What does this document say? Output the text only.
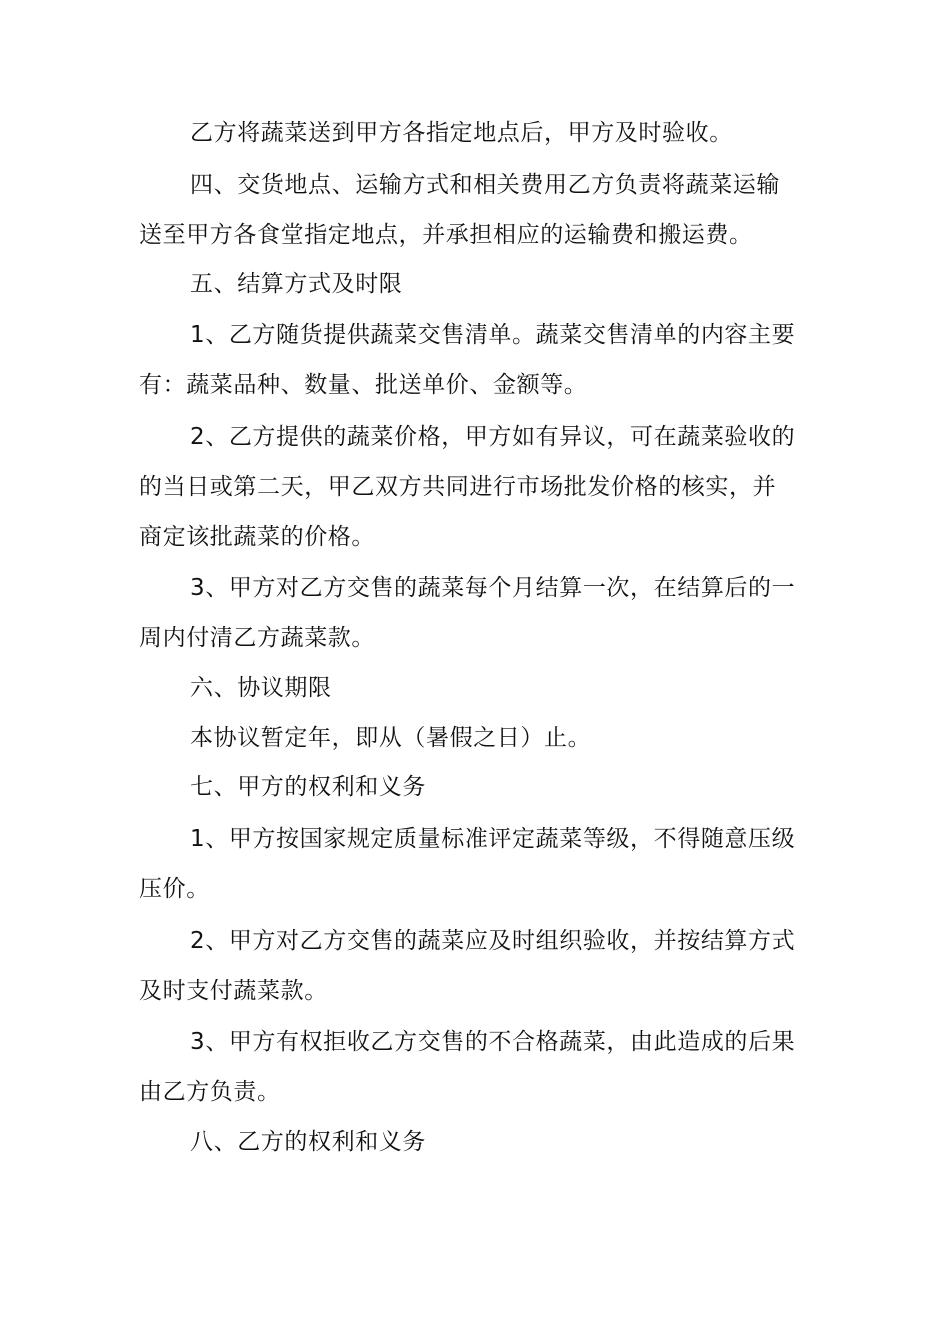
乙方将蔬菜送到甲方各指定地点后，甲方及时验收。
四、交货地点、运输方式和相关费用乙方负责将蔬菜运输
送至甲方各食堂指定地点，并承担相应的运输费和搬运费。
五、结算方式及时限
1、乙方随货提供蔬菜交售清单。蔬菜交售清单的内容主要
有：蔬菜品种、数量、批送单价、金额等。
2、乙方提供的蔬菜价格，甲方如有异议，可在蔬菜验收的
的当日或第二天，甲乙双方共同进行市场批发价格的核实，并
商定该批蔬菜的价格。
3、甲方对乙方交售的蔬菜每个月结算一次，在结算后的一
周内付清乙方蔬菜款。
六、协议期限
本协议暂定年，即从（暑假之日）止。
七、甲方的权利和义务
1、甲方按国家规定质量标准评定蔬菜等级，不得随意压级
压价。
2、甲方对乙方交售的蔬菜应及时组织验收，并按结算方式
及时支付蔬菜款。
3、甲方有权拒收乙方交售的不合格蔬菜，由此造成的后果
由乙方负责。
八、乙方的权利和义务
